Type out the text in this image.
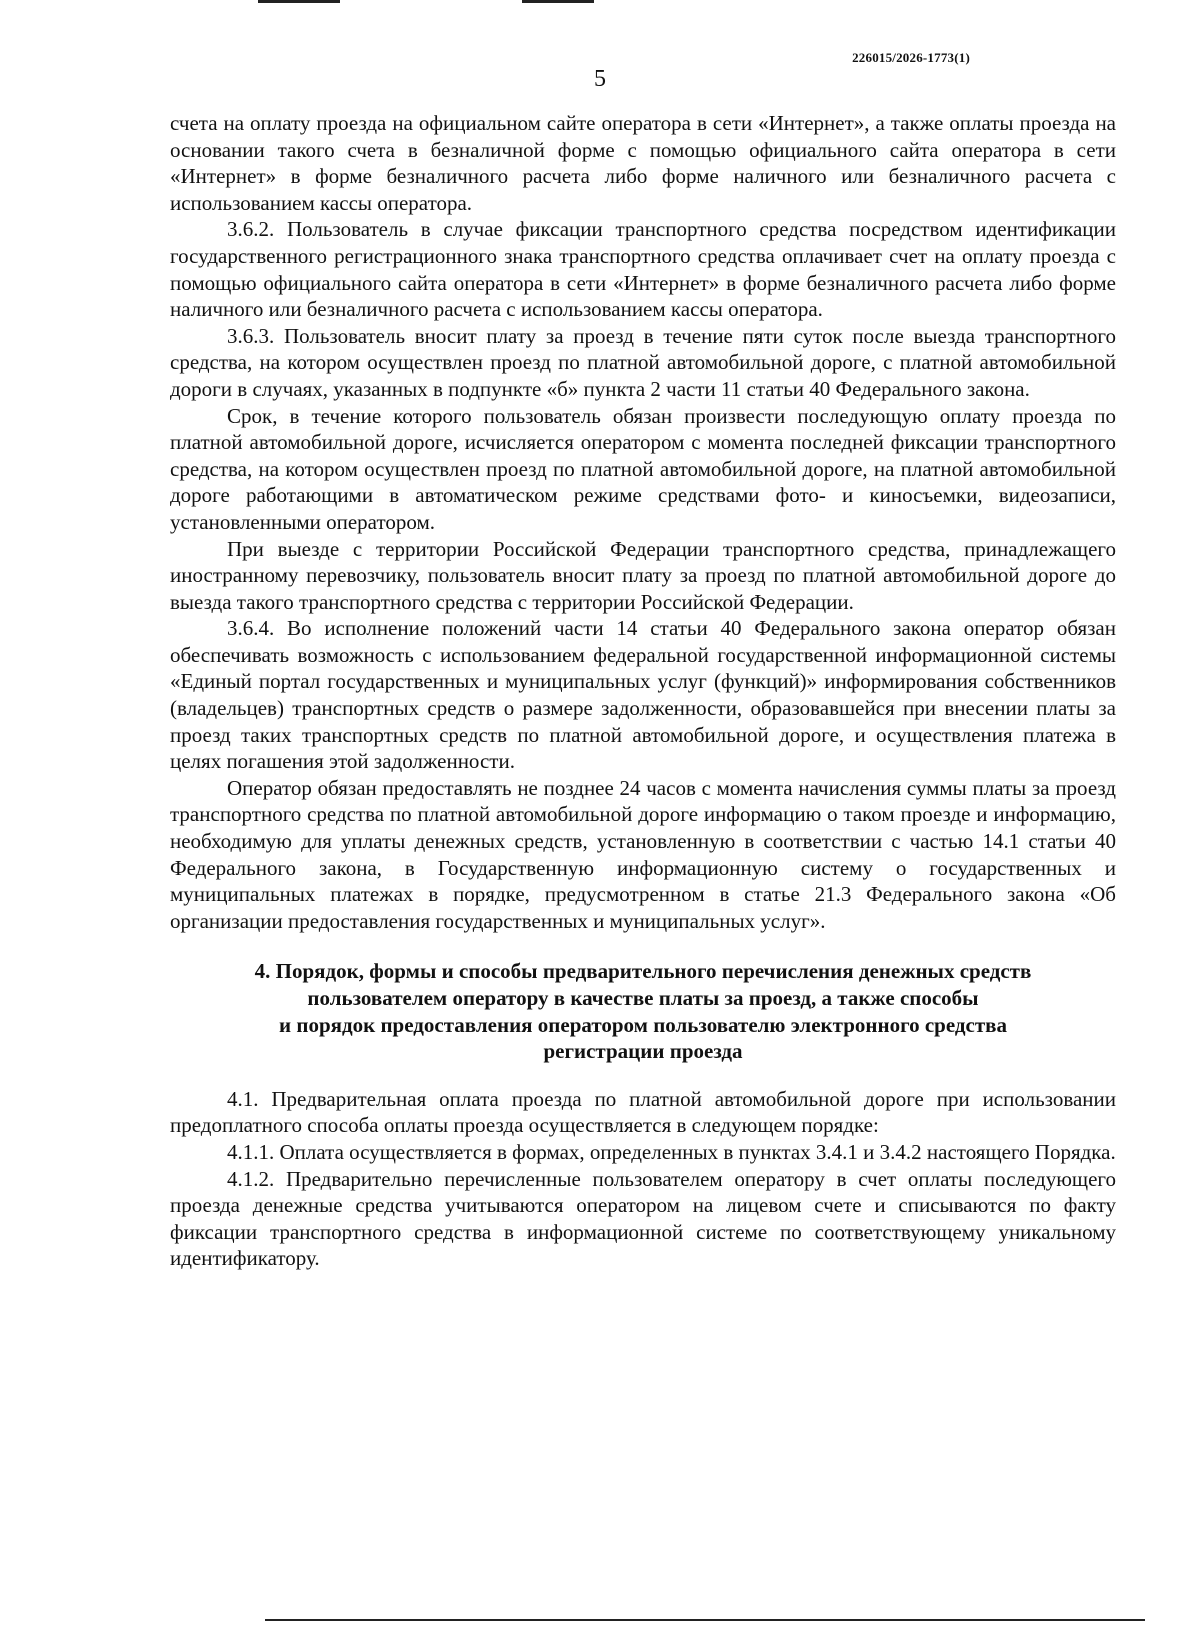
226015/2026-1773(1)
5

счета на оплату проезда на официальном сайте оператора в сети «Интернет», а также оплаты проезда на основании такого счета в безналичной форме с помощью официального сайта оператора в сети «Интернет» в форме безналичного расчета либо форме наличного или безналичного расчета с использованием кассы оператора.

3.6.2. Пользователь в случае фиксации транспортного средства посредством идентификации государственного регистрационного знака транспортного средства оплачивает счет на оплату проезда с помощью официального сайта оператора в сети «Интернет» в форме безналичного расчета либо форме наличного или безналичного расчета с использованием кассы оператора.

3.6.3. Пользователь вносит плату за проезд в течение пяти суток после выезда транспортного средства, на котором осуществлен проезд по платной автомобильной дороге, с платной автомобильной дороги в случаях, указанных в подпункте «б» пункта 2 части 11 статьи 40 Федерального закона.

Срок, в течение которого пользователь обязан произвести последующую оплату проезда по платной автомобильной дороге, исчисляется оператором с момента последней фиксации транспортного средства, на котором осуществлен проезд по платной автомобильной дороге, на платной автомобильной дороге работающими в автоматическом режиме средствами фото- и киносъемки, видеозаписи, установленными оператором.

При выезде с территории Российской Федерации транспортного средства, принадлежащего иностранному перевозчику, пользователь вносит плату за проезд по платной автомобильной дороге до выезда такого транспортного средства с территории Российской Федерации.

3.6.4. Во исполнение положений части 14 статьи 40 Федерального закона оператор обязан обеспечивать возможность с использованием федеральной государственной информационной системы «Единый портал государственных и муниципальных услуг (функций)» информирования собственников (владельцев) транспортных средств о размере задолженности, образовавшейся при внесении платы за проезд таких транспортных средств по платной автомобильной дороге, и осуществления платежа в целях погашения этой задолженности.

Оператор обязан предоставлять не позднее 24 часов с момента начисления суммы платы за проезд транспортного средства по платной автомобильной дороге информацию о таком проезде и информацию, необходимую для уплаты денежных средств, установленную в соответствии с частью 14.1 статьи 40 Федерального закона, в Государственную информационную систему о государственных и муниципальных платежах в порядке, предусмотренном в статье 21.3 Федерального закона «Об организации предоставления государственных и муниципальных услуг».

4. Порядок, формы и способы предварительного перечисления денежных средств
пользователем оператору в качестве платы за проезд, а также способы
и порядок предоставления оператором пользователю электронного средства
регистрации проезда

4.1. Предварительная оплата проезда по платной автомобильной дороге при использовании предоплатного способа оплаты проезда осуществляется в следующем порядке:

4.1.1. Оплата осуществляется в формах, определенных в пунктах 3.4.1 и 3.4.2 настоящего Порядка.

4.1.2. Предварительно перечисленные пользователем оператору в счет оплаты последующего проезда денежные средства учитываются оператором на лицевом счете и списываются по факту фиксации транспортного средства в информационной системе по соответствующему уникальному идентификатору.
